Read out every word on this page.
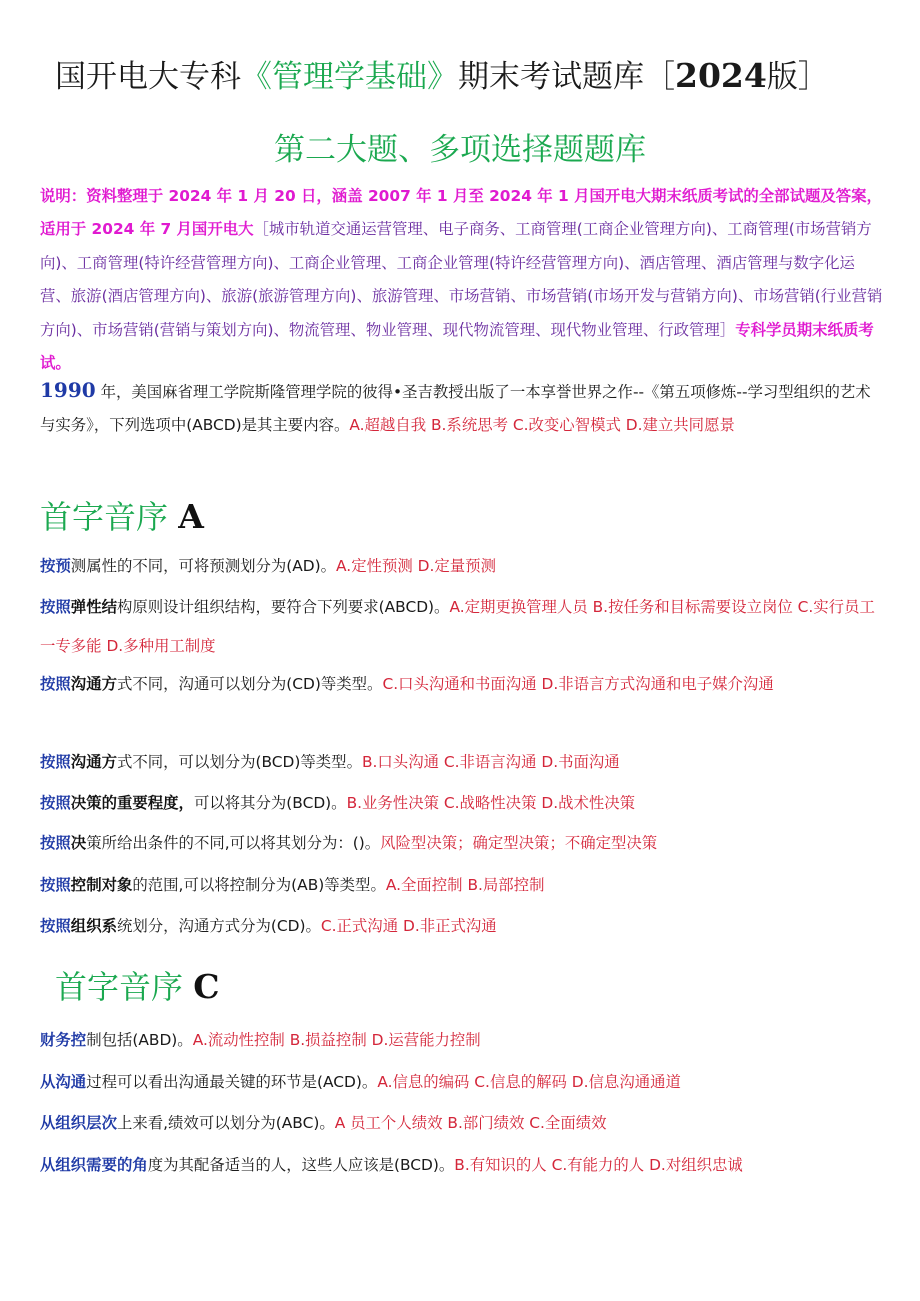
国开电大专科《管理学基础》期末考试题库［2024版］
第二大题、多项选择题题库
说明：资料整理于 2024 年 1 月 20 日，涵盖 2007 年 1 月至 2024 年 1 月国开电大期末纸质考试的全部试题及答案，适用于 2024 年 7 月国开电大［城市轨道交通运营管理、电子商务、工商管理(工商企业管理方向)、工商管理(市场营销方向)、工商管理(特许经营管理方向)、工商企业管理、工商企业管理(特许经营管理方向)、酒店管理、酒店管理与数字化运营、旅游(酒店管理方向)、旅游(旅游管理方向)、旅游管理、市场营销、市场营销(市场开发与营销方向)、市场营销(行业营销方向)、市场营销(营销与策划方向)、物流管理、物业管理、现代物流管理、现代物业管理、行政管理］专科学员期末纸质考试。
1990 年，美国麻省理工学院斯隆管理学院的彼得•圣吉教授出版了一本享誉世界之作--《第五项修炼--学习型组织的艺术与实务》，下列选项中(ABCD)是其主要内容。A.超越自我 B.系统思考 C.改变心智模式 D.建立共同愿景
首字音序 A
按预测属性的不同，可将预测划分为(AD)。A.定性预测 D.定量预测
按照弹性结构原则设计组织结构，要符合下列要求(ABCD)。A.定期更换管理人员 B.按任务和目标需要设立岗位 C.实行员工一专多能 D.多种用工制度
按照沟通方式不同，沟通可以划分为(CD)等类型。C.口头沟通和书面沟通 D.非语言方式沟通和电子媒介沟通
按照沟通方式不同，可以划分为(BCD)等类型。B.口头沟通 C.非语言沟通 D.书面沟通
按照决策的重要程度，可以将其分为(BCD)。B.业务性决策 C.战略性决策 D.战术性决策
按照决策所给出条件的不同,可以将其划分为：()。风险型决策；确定型决策；不确定型决策
按照控制对象的范围,可以将控制分为(AB)等类型。A.全面控制 B.局部控制
按照组织系统划分，沟通方式分为(CD)。C.正式沟通 D.非正式沟通
首字音序 C
财务控制包括(ABD)。A.流动性控制 B.损益控制 D.运营能力控制
从沟通过程可以看出沟通最关键的环节是(ACD)。A.信息的编码 C.信息的解码 D.信息沟通通道
从组织层次上来看,绩效可以划分为(ABC)。A 员工个人绩效 B.部门绩效 C.全面绩效
从组织需要的角度为其配备适当的人，这些人应该是(BCD)。B.有知识的人 C.有能力的人 D.对组织忠诚
